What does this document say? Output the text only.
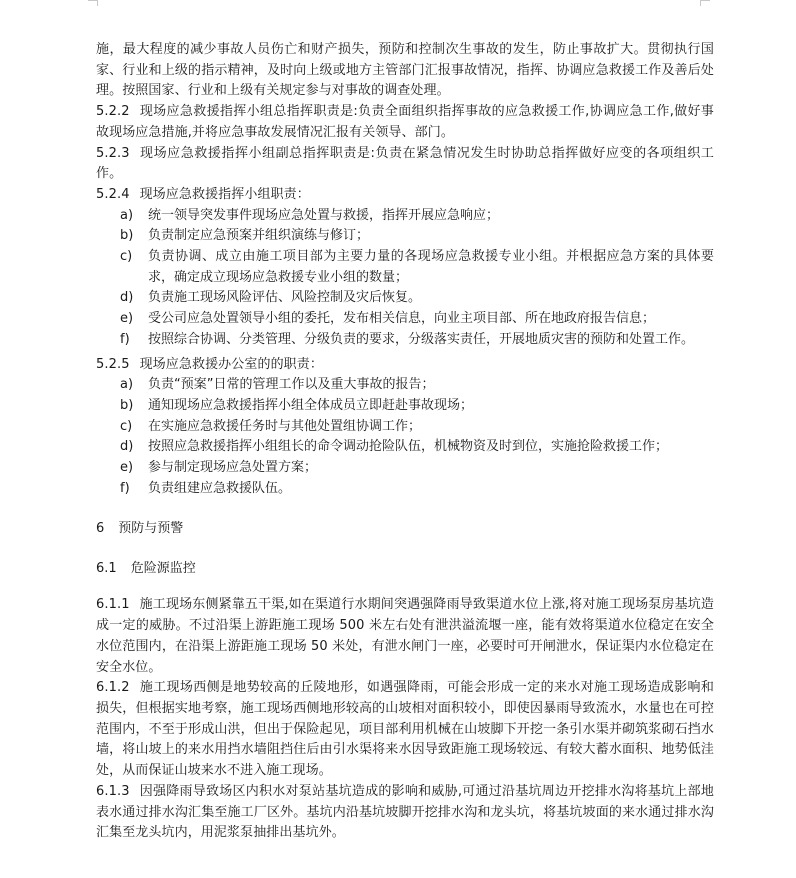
施，最大程度的减少事故人员伤亡和财产损失，预防和控制次生事故的发生，防止事故扩大。贯彻执行国家、行业和上级的指示精神，及时向上级或地方主管部门汇报事故情况，指挥、协调应急救援工作及善后处理。按照国家、行业和上级有关规定参与对事故的调查处理。

5.2.2 现场应急救援指挥小组总指挥职责是:负责全面组织指挥事故的应急救援工作,协调应急工作,做好事故现场应急措施,并将应急事故发展情况汇报有关领导、部门。

5.2.3 现场应急救援指挥小组副总指挥职责是:负责在紧急情况发生时协助总指挥做好应变的各项组织工作。

5.2.4 现场应急救援指挥小组职责：

a)	统一领导突发事件现场应急处置与救援，指挥开展应急响应；
b)	负责制定应急预案并组织演练与修订；
c)	负责协调、成立由施工项目部为主要力量的各现场应急救援专业小组。并根据应急方案的具体要求，确定成立现场应急救援专业小组的数量；
d)	负责施工现场风险评估、风险控制及灾后恢复。
e)	受公司应急处置领导小组的委托，发布相关信息，向业主项目部、所在地政府报告信息；
f)	按照综合协调、分类管理、分级负责的要求，分级落实责任，开展地质灾害的预防和处置工作。

5.2.5 现场应急救援办公室的的职责：

a)	负责“预案”日常的管理工作以及重大事故的报告；
b)	通知现场应急救援指挥小组全体成员立即赶赴事故现场；
c)	在实施应急救援任务时与其他处置组协调工作；
d)	按照应急救援指挥小组组长的命令调动抢险队伍，机械物资及时到位，实施抢险救援工作；
e)	参与制定现场应急处置方案；
f)	负责组建应急救援队伍。

6 预防与预警

6.1 危险源监控

6.1.1 施工现场东侧紧靠五干渠,如在渠道行水期间突遇强降雨导致渠道水位上涨,将对施工现场泵房基坑造成一定的威胁。不过沿渠上游距施工现场 500 米左右处有泄洪溢流堰一座，能有效将渠道水位稳定在安全水位范围内，在沿渠上游距施工现场 50 米处，有泄水闸门一座，必要时可开闸泄水，保证渠内水位稳定在安全水位。

6.1.2 施工现场西侧是地势较高的丘陵地形，如遇强降雨，可能会形成一定的来水对施工现场造成影响和损失，但根据实地考察，施工现场西侧地形较高的山坡相对面积较小，即使因暴雨导致流水，水量也在可控范围内，不至于形成山洪，但出于保险起见，项目部利用机械在山坡脚下开挖一条引水渠并砌筑浆砌石挡水墙，将山坡上的来水用挡水墙阻挡住后由引水渠将来水因导致距施工现场较远、有较大蓄水面积、地势低洼处，从而保证山坡来水不进入施工现场。

6.1.3 因强降雨导致场区内积水对泵站基坑造成的影响和威胁,可通过沿基坑周边开挖排水沟将基坑上部地表水通过排水沟汇集至施工厂区外。基坑内沿基坑坡脚开挖排水沟和龙头坑，将基坑坡面的来水通过排水沟汇集至龙头坑内，用泥浆泵抽排出基坑外。
